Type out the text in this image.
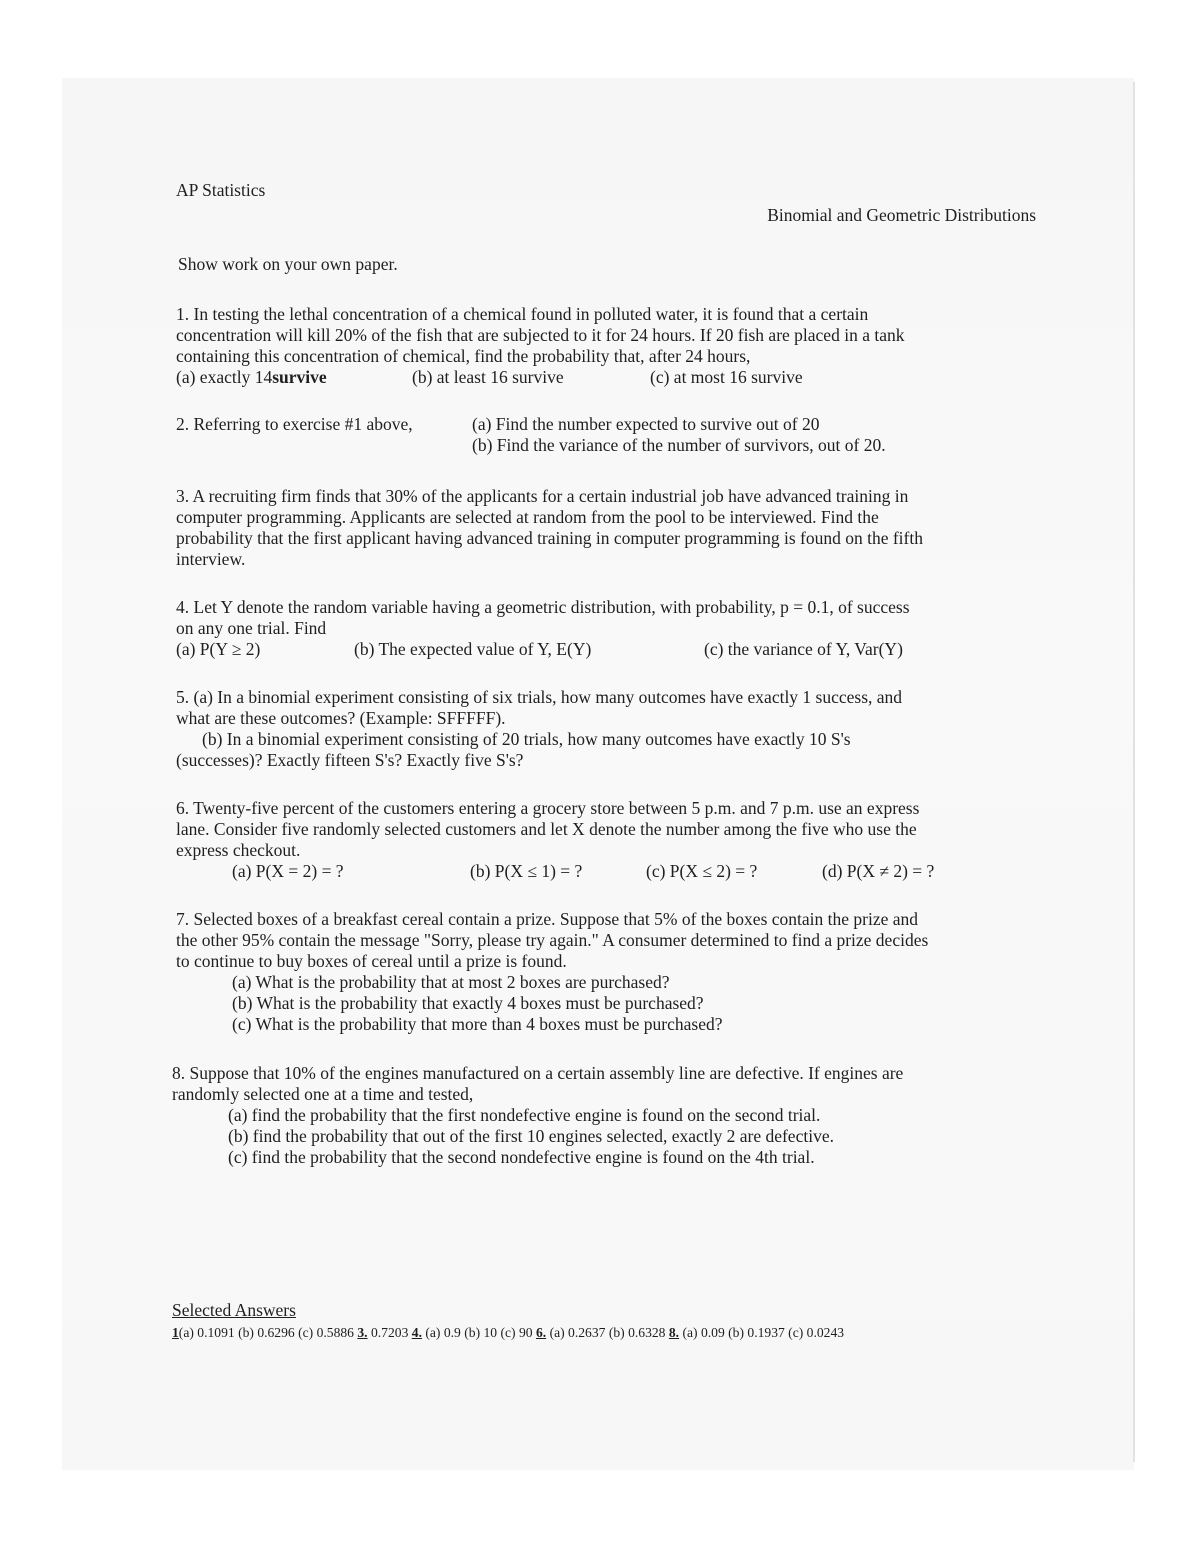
AP Statistics

Binomial and Geometric Distributions

Show work on your own paper.

1. In testing the lethal concentration of a chemical found in polluted water, it is found that a certain

concentration will kill 20% of the fish that are subjected to it for 24 hours. If 20 fish are placed in a tank

containing this concentration of chemical, find the probability that, after 24 hours,

(a) exactly 14survive	(b) at least 16 survive	(c) at most 16 survive
2. Referring to exercise #1 above,	(a) Find the number expected to survive out of 20
(b) Find the variance of the number of survivors, out of 20.

3. A recruiting firm finds that 30% of the applicants for a certain industrial job have advanced training in

computer programming. Applicants are selected at random from the pool to be interviewed. Find the

probability that the first applicant having advanced training in computer programming is found on the fifth

interview.

4. Let Y denote the random variable having a geometric distribution, with probability, p = 0.1, of success

on any one trial. Find

(a) P(Y ≥ 2)	(b) The expected value of Y, E(Y)	(c) the variance of Y, Var(Y)

5. (a) In a binomial experiment consisting of six trials, how many outcomes have exactly 1 success, and

what are these outcomes? (Example: SFFFFF).

(b) In a binomial experiment consisting of 20 trials, how many outcomes have exactly 10 S's

(successes)? Exactly fifteen S's? Exactly five S's?

6. Twenty-five percent of the customers entering a grocery store between 5 p.m. and 7 p.m. use an express

lane. Consider five randomly selected customers and let X denote the number among the five who use the

express checkout.

(a) P(X = 2) = ?	(b) P(X ≤ 1) = ?	(c) P(X ≤ 2) = ?	(d) P(X ≠ 2) = ?

7. Selected boxes of a breakfast cereal contain a prize. Suppose that 5% of the boxes contain the prize and

the other 95% contain the message "Sorry, please try again." A consumer determined to find a prize decides

to continue to buy boxes of cereal until a prize is found.

(a) What is the probability that at most 2 boxes are purchased?

(b) What is the probability that exactly 4 boxes must be purchased?

(c) What is the probability that more than 4 boxes must be purchased?

8. Suppose that 10% of the engines manufactured on a certain assembly line are defective. If engines are

randomly selected one at a time and tested,

(a) find the probability that the first nondefective engine is found on the second trial.

(b) find the probability that out of the first 10 engines selected, exactly 2 are defective.

(c) find the probability that the second nondefective engine is found on the 4th trial.

Selected Answers

1(a) 0.1091 (b) 0.6296 (c) 0.5886 3. 0.7203 4. (a) 0.9 (b) 10 (c) 90 6. (a) 0.2637 (b) 0.6328 8. (a) 0.09 (b) 0.1937 (c) 0.0243
